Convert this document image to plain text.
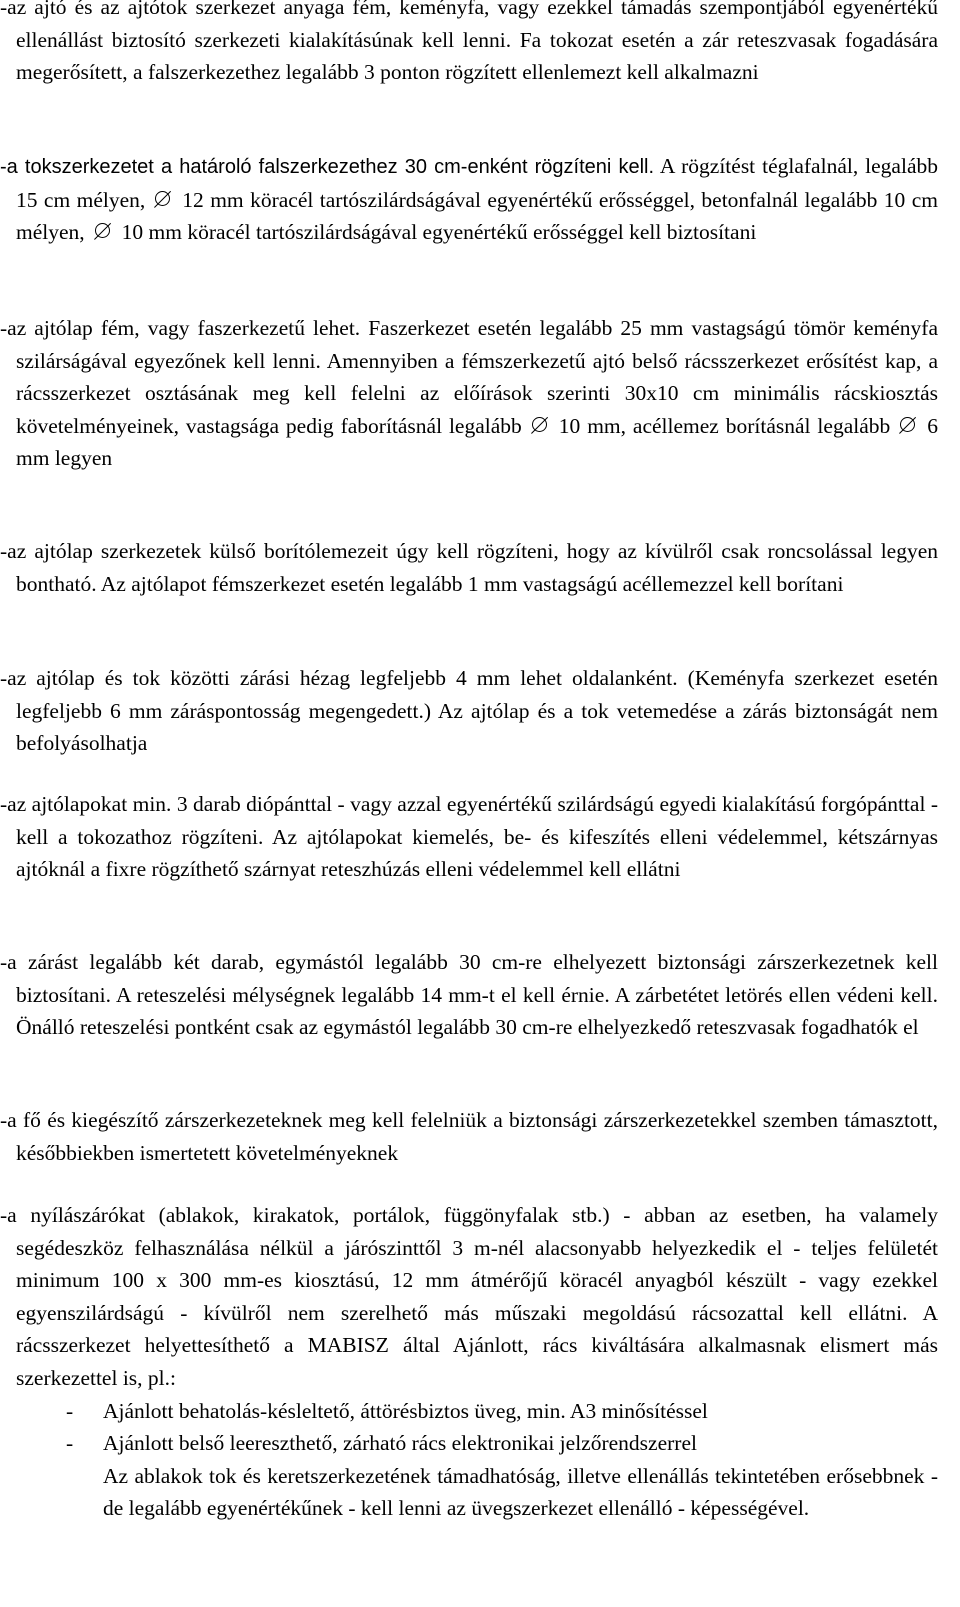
-az ajtó és az ajtótok szerkezet anyaga fém, keményfa, vagy ezekkel támadás szempontjából egyenértékű ellenállást biztosító szerkezeti kialakításúnak kell lenni. Fa tokozat esetén a zár reteszvasak fogadására megerősített, a falszerkezethez legalább 3 ponton rögzített ellenlemezt kell alkalmazni

-a tokszerkezetet a határoló falszerkezethez 30 cm-enként rögzíteni kell. A rögzítést téglafalnál, legalább 15 cm mélyen, 12 mm köracél tartószilárdságával egyenértékű erősséggel, betonfalnál legalább 10 cm mélyen, 10 mm köracél tartószilárdságával egyenértékű erősséggel kell biztosítani

-az ajtólap fém, vagy faszerkezetű lehet. Faszerkezet esetén legalább 25 mm vastagságú tömör keményfa szilárságával egyezőnek kell lenni. Amennyiben a fémszerkezetű ajtó belső rácsszerkezet erősítést kap, a rácsszerkezet osztásának meg kell felelni az előírások szerinti 30x10 cm minimális rácskiosztás követelményeinek, vastagsága pedig faborításnál legalább 10 mm, acéllemez borításnál legalább 6 mm legyen

-az ajtólap szerkezetek külső borítólemezeit úgy kell rögzíteni, hogy az kívülről csak roncsolással legyen bontható. Az ajtólapot fémszerkezet esetén legalább 1 mm vastagságú acéllemezzel kell borítani

-az ajtólap és tok közötti zárási hézag legfeljebb 4 mm lehet oldalanként. (Keményfa szerkezet esetén legfeljebb 6 mm záráspontosság megengedett.) Az ajtólap és a tok vetemedése a zárás biztonságát nem befolyásolhatja

-az ajtólapokat min. 3 darab diópánttal - vagy azzal egyenértékű szilárdságú egyedi kialakítású forgópánttal - kell a tokozathoz rögzíteni. Az ajtólapokat kiemelés, be- és kifeszítés elleni védelemmel, kétszárnyas ajtóknál a fixre rögzíthető szárnyat reteszhúzás elleni védelemmel kell ellátni

-a zárást legalább két darab, egymástól legalább 30 cm-re elhelyezett biztonsági zárszerkezetnek kell biztosítani. A reteszelési mélységnek legalább 14 mm-t el kell érnie. A zárbetétet letörés ellen védeni kell. Önálló reteszelési pontként csak az egymástól legalább 30 cm-re elhelyezkedő reteszvasak fogadhatók el

-a fő és kiegészítő zárszerkezeteknek meg kell felelniük a biztonsági zárszerkezetekkel szemben támasztott, későbbiekben ismertetett követelményeknek

-a nyílászárókat (ablakok, kirakatok, portálok, függönyfalak stb.) - abban az esetben, ha valamely segédeszköz felhasználása nélkül a járószinttől 3 m-nél alacsonyabb helyezkedik el - teljes felületét minimum 100 x 300 mm-es kiosztású, 12 mm átmérőjű köracél anyagból készült - vagy ezekkel egyenszilárdságú - kívülről nem szerelhető más műszaki megoldású rácsozattal kell ellátni. A rácsszerkezet helyettesíthető a MABISZ által Ajánlott, rács kiváltására alkalmasnak elismert más szerkezettel is, pl.:
- Ajánlott behatolás-késleltető, áttörésbiztos üveg, min. A3 minősítéssel
- Ajánlott belső leereszthető, zárható rács elektronikai jelzőrendszerrel
Az ablakok tok és keretszerkezetének támadhatóság, illetve ellenállás tekintetében erősebbnek - de legalább egyenértékűnek - kell lenni az üvegszerkezet ellenálló - képességével.
